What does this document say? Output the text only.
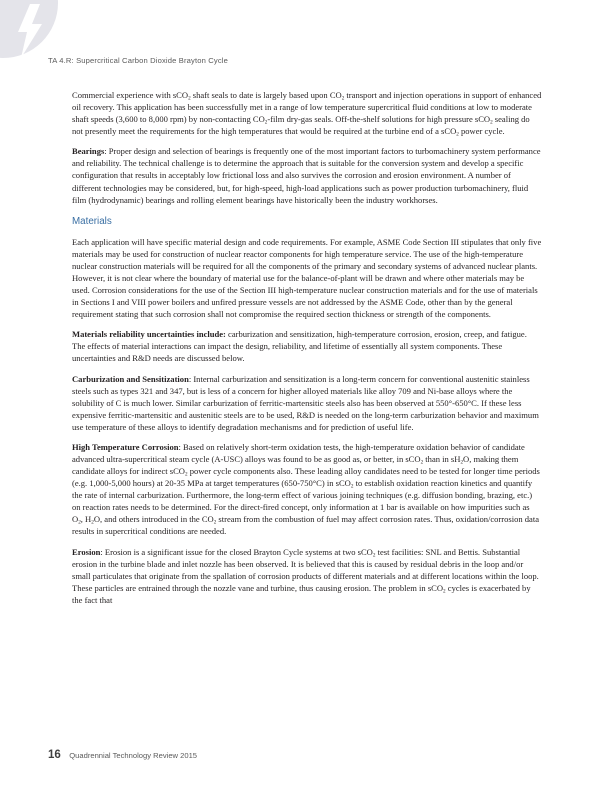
TA 4.R: Supercritical Carbon Dioxide Brayton Cycle

Commercial experience with sCO$_2$ shaft seals to date is largely based upon $CO_2$ transport and injection operations in support of enhanced oil recovery. This application has been successfully met in a range of low temperature supercritical fluid conditions at low to moderate shaft speeds (3,600 to 8,000 rpm) by non-contacting $CO_2$-film dry-gas seals. Off-the-shelf solutions for high pressure sCO$_2$ sealing do not presently meet the requirements for the high temperatures that would be required at the turbine end of a sCO$_2$ power cycle.

Bearings: Proper design and selection of bearings is frequently one of the most important factors to turbomachinery system performance and reliability. The technical challenge is to determine the approach that is suitable for the conversion system and develop a specific configuration that results in acceptably low frictional loss and also survives the corrosion and erosion environment. A number of different technologies may be considered, but, for high-speed, high-load applications such as power production turbomachinery, fluid film (hydrodynamic) bearings and rolling element bearings have historically been the industry workhorses.

Materials

Each application will have specific material design and code requirements. For example, ASME Code Section III stipulates that only five materials may be used for construction of nuclear reactor components for high temperature service. The use of the high-temperature nuclear construction materials will be required for all the components of the primary and secondary systems of advanced nuclear plants. However, it is not clear where the boundary of material use for the balance-of-plant will be drawn and where other materials may be used. Corrosion considerations for the use of the Section III high-temperature nuclear construction materials and for the use of materials in Sections I and VIII power boilers and unfired pressure vessels are not addressed by the ASME Code, other than by the general requirement stating that such corrosion shall not compromise the required section thickness or strength of the components.

Materials reliability uncertainties include: carburization and sensitization, high-temperature corrosion, erosion, creep, and fatigue. The effects of material interactions can impact the design, reliability, and lifetime of essentially all system components. These uncertainties and R&D needs are discussed below.

Carburization and Sensitization: Internal carburization and sensitization is a long-term concern for conventional austenitic stainless steels such as types 321 and 347, but is less of a concern for higher alloyed materials like alloy 709 and Ni-base alloys where the solubility of C is much lower. Similar carburization of ferritic-martensitic steels also has been observed at 550°-650°C. If these less expensive ferritic-martensitic and austenitic steels are to be used, R&D is needed on the long-term carburization behavior and maximum use temperature of these alloys to identify degradation mechanisms and for prediction of useful life.

High Temperature Corrosion: Based on relatively short-term oxidation tests, the high-temperature oxidation behavior of candidate advanced ultra-supercritical steam cycle (A-USC) alloys was found to be as good as, or better, in sCO$_2$ than in $sH_2O$, making them candidate alloys for indirect sCO$_2$ power cycle components also. These leading alloy candidates need to be tested for longer time periods (e.g. 1,000-5,000 hours) at 20-35 MPa at target temperatures (650-750°C) in sCO$_2$ to establish oxidation reaction kinetics and quantify the rate of internal carburization. Furthermore, the long-term effect of various joining techniques (e.g. diffusion bonding, brazing, etc.) on reaction rates needs to be determined. For the direct-fired concept, only information at 1 bar is available on how impurities such as $O_2$, $H_2O$, and others introduced in the $CO_2$ stream from the combustion of fuel may affect corrosion rates. Thus, oxidation/corrosion data results in supercritical conditions are needed.

Erosion: Erosion is a significant issue for the closed Brayton Cycle systems at two sCO$_2$ test facilities: SNL and Bettis. Substantial erosion in the turbine blade and inlet nozzle has been observed. It is believed that this is caused by residual debris in the loop and/or small particulates that originate from the spallation of corrosion products of different materials and at different locations within the loop. These particles are entrained through the nozzle vane and turbine, thus causing erosion. The problem in sCO$_2$ cycles is exacerbated by the fact that

16 Quadrennial Technology Review 2015
